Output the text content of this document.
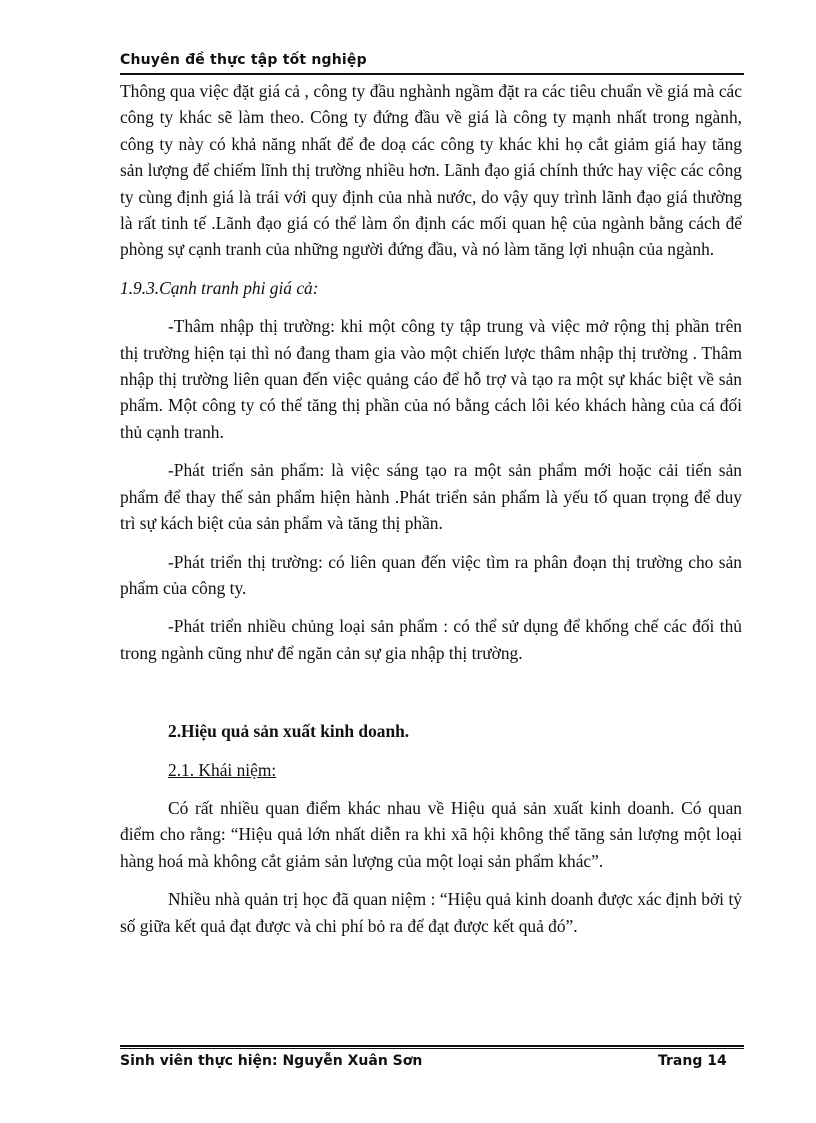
Chuyên đề thực tập tốt nghiệp

Thông qua việc đặt giá cả , công ty đầu nghành ngầm đặt ra các tiêu chuẩn về giá mà các công ty khác sẽ làm theo. Công ty đứng đầu về giá là công ty mạnh nhất trong ngành, công ty này có khả năng nhất để đe doạ các công ty khác khi họ cắt giảm giá hay tăng sản lượng để chiếm lĩnh thị trường nhiều hơn. Lãnh đạo giá chính thức hay việc các công ty cùng định giá là trái với quy định của nhà nước, do vậy quy trình lãnh đạo giá thường là rất tinh tế .Lãnh đạo giá có thể làm ổn định các mối quan hệ của ngành bằng cách để phòng sự cạnh tranh của những người đứng đầu, và nó làm tăng lợi nhuận của ngành.

1.9.3.Cạnh tranh phi giá cả:

-Thâm nhập thị trường: khi một công ty tập trung và việc mở rộng thị phần trên thị trường hiện tại thì nó đang tham gia vào một chiến lược thâm nhập thị trường . Thâm nhập thị trường liên quan đến việc quảng cáo để hỗ trợ và tạo ra một sự khác biệt về sản phẩm. Một công ty có thể tăng thị phần của nó bằng cách lôi kéo khách hàng của cá đối thủ cạnh tranh.

-Phát triển sản phẩm: là việc sáng tạo ra một sản phẩm mới hoặc cải tiến sản phẩm để thay thế sản phẩm hiện hành .Phát triển sản phẩm là yếu tố quan trọng để duy trì sự kách biệt của sản phẩm và tăng thị phần.

-Phát triển thị trường: có liên quan đến việc tìm ra phân đoạn thị trường cho sản phẩm của công ty.

-Phát triển nhiều chủng loại sản phẩm : có thể sử dụng để khống chế các đối thủ trong ngành cũng như để ngăn cản sự gia nhập thị trường.

2.Hiệu quả sản xuất kinh doanh.

2.1. Khái niệm:

Có rất nhiều quan điểm khác nhau về Hiệu quả sản xuất kinh doanh. Có quan điểm cho rằng: “Hiệu quả lớn nhất diễn ra khi xã hội không thể tăng sản lượng một loại hàng hoá mà không cắt giảm sản lượng của một loại sản phẩm khác”.

Nhiều nhà quản trị học đã quan niệm : “Hiệu quả kinh doanh được xác định bởi tỷ số giữa kết quả đạt được và chi phí bỏ ra để đạt được kết quả đó”.

Sinh viên thực hiện: Nguyễn Xuân Sơn	Trang 14
